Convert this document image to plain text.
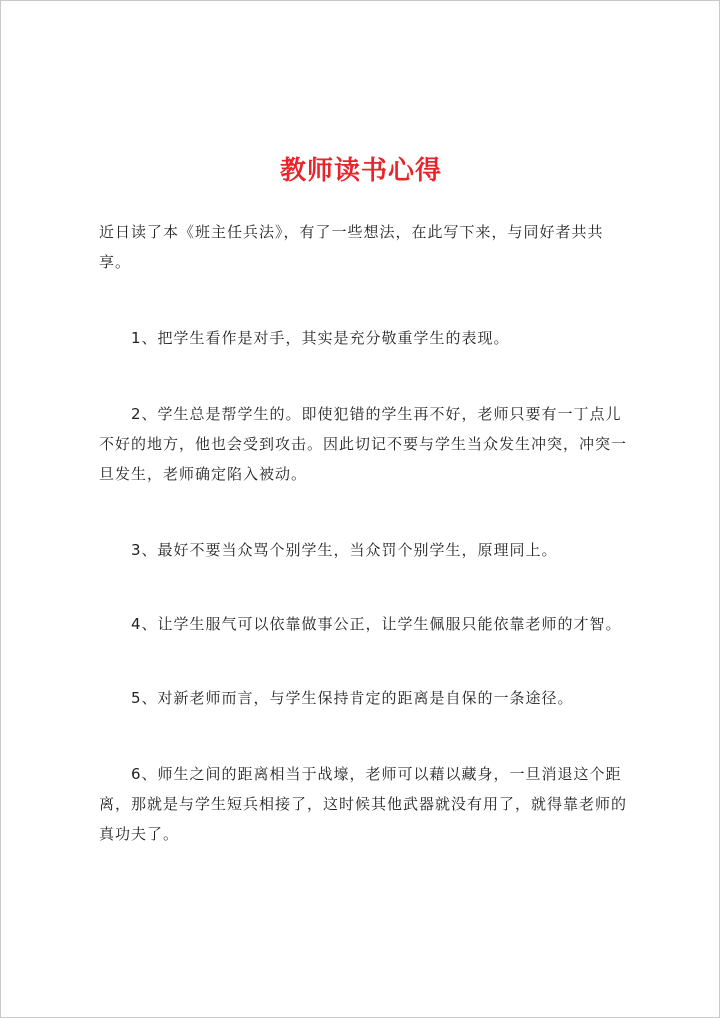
教师读书心得

近日读了本《班主任兵法》，有了一些想法，在此写下来，与同好者共共享。

1、把学生看作是对手，其实是充分敬重学生的表现。

2、学生总是帮学生的。即使犯错的学生再不好，老师只要有一丁点儿不好的地方，他也会受到攻击。因此切记不要与学生当众发生冲突，冲突一旦发生，老师确定陷入被动。

3、最好不要当众骂个别学生，当众罚个别学生，原理同上。

4、让学生服气可以依靠做事公正，让学生佩服只能依靠老师的才智。

5、对新老师而言，与学生保持肯定的距离是自保的一条途径。

6、师生之间的距离相当于战壕，老师可以藉以藏身，一旦消退这个距离，那就是与学生短兵相接了，这时候其他武器就没有用了，就得靠老师的真功夫了。
